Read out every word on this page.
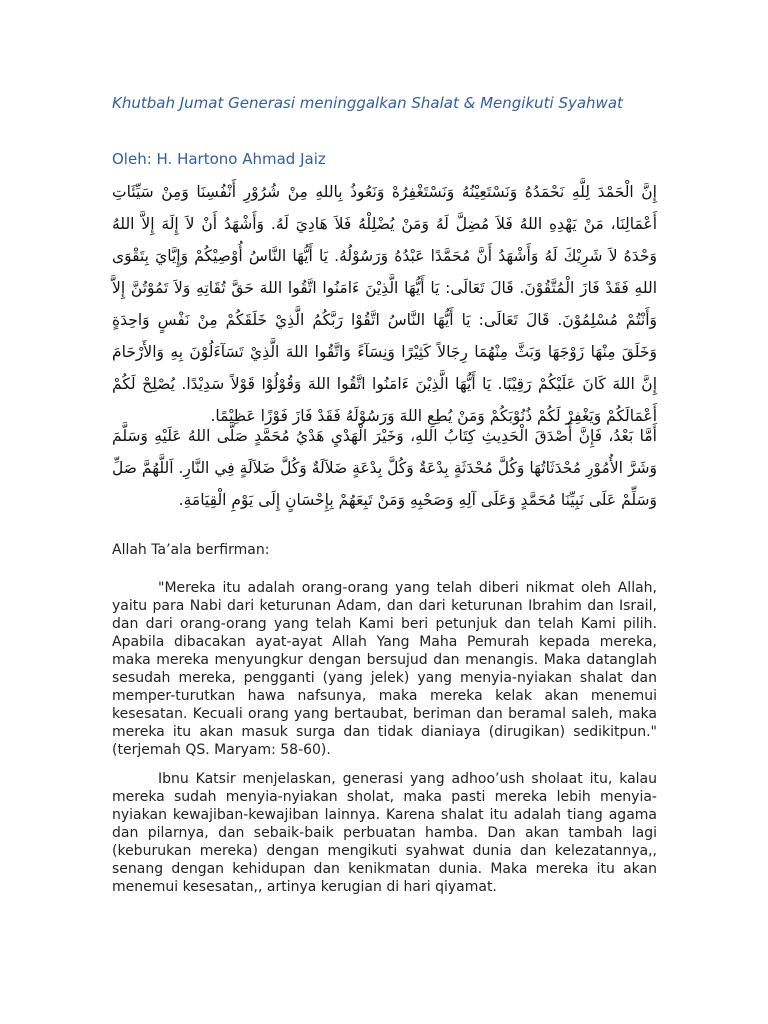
Khutbah Jumat Generasi meninggalkan Shalat & Mengikuti Syahwat

Oleh: H. Hartono Ahmad Jaiz

إِنَّ الْحَمْدَ لِلَّهِ نَحْمَدُهُ وَنَسْتَعِيْنُهُ وَنَسْتَغْفِرُهْ وَنَعُوذُ بِاللهِ مِنْ شُرُوْرِ أَنْفُسِنَا وَمِنْ سَيِّئَاتِ أَعْمَالِنَا، مَنْ يَهْدِهِ اللهُ فَلاَ مُضِلَّ لَهُ وَمَنْ يُضْلِلْهُ فَلاَ هَادِيَ لَهُ. وَأَشْهَدُ أَنْ لاَ إِلَهَ إِلاَّ اللهُ وَحْدَهُ لاَ شَرِيْكَ لَهُ وَأَشْهَدُ أَنَّ مُحَمَّدًا عَبْدُهُ وَرَسُوْلُهُ. يَا أَيُّهَا النَّاسُ أُوْصِيْكُمْ وَإِيَّايَ بِتَقْوَى اللهِ فَقَدْ فَازَ الْمُتَّقُوْنَ. قَالَ تَعَالَى: يَا أَيُّهَا الَّذِيْنَ ءَامَنُوا اتَّقُوا اللهَ حَقَّ تُقَاتِهِ وَلاَ تَمُوْتُنَّ إِلاَّ وَأَنْتُمْ مُسْلِمُوْنَ. قَالَ تَعَالَى: يَا أَيُّهَا النَّاسُ اتَّقُوْا رَبَّكُمُ الَّذِيْ خَلَقَكُمْ مِنْ نَفْسٍ وَاحِدَةٍ وَخَلَقَ مِنْهَا زَوْجَهَا وَبَثَّ مِنْهُمَا رِجَالاً كَثِيْرًا وَنِسَآءً وَاتَّقُوا اللهَ الَّذِيْ تَسَآءَلُوْنَ بِهِ وَالأَرْحَامَ إِنَّ اللهَ كَانَ عَلَيْكُمْ رَقِيْبًا. يَا أَيُّهَا الَّذِيْنَ ءَامَنُوا اتَّقُوا اللهَ وَقُوْلُوْا قَوْلاً سَدِيْدًا. يُصْلِحْ لَكُمْ أَعْمَالَكُمْ وَيَغْفِرْ لَكُمْ ذُنُوْبَكُمْ وَمَنْ يُطِعِ اللهَ وَرَسُوْلَهُ فَقَدْ فَازَ فَوْزًا عَظِيْمًا.

أَمَّا بَعْدُ، فَإِنَّ أَصْدَقَ الْحَدِيثِ كِتَابُ اللهِ، وَخَيْرَ الْهَدْيِ هَدْيُ مُحَمَّدٍ صَلَّى اللهُ عَلَيْهِ وَسَلَّمَ وَشَرَّ الأُمُوْرِ مُحْدَثَاتُهَا وَكُلَّ مُحْدَثَةٍ بِدْعَةٌ وَكُلَّ بِدْعَةٍ ضَلاَلَةٌ وَكُلَّ ضَلاَلَةٍ فِي النَّارِ. اَللَّهُمَّ صَلِّ وَسَلِّمْ عَلَى نَبِيِّنَا مُحَمَّدٍ وَعَلَى آلِهِ وَصَحْبِهِ وَمَنْ تَبِعَهُمْ بِإِحْسَانٍ إِلَى يَوْمِ الْقِيَامَةِ.

Allah Ta’ala berfirman:

"Mereka itu adalah orang-orang yang telah diberi nikmat oleh Allah, yaitu para Nabi dari keturunan Adam, dan dari keturunan Ibrahim dan Israil, dan dari orang-orang yang telah Kami beri petunjuk dan telah Kami pilih. Apabila dibacakan ayat-ayat Allah Yang Maha Pemurah kepada mereka, maka mereka menyungkur dengan bersujud dan menangis. Maka datanglah sesudah mereka, pengganti (yang jelek) yang menyia-nyiakan shalat dan memper-turutkan hawa nafsunya, maka mereka kelak akan menemui kesesatan. Kecuali orang yang bertaubat, beriman dan beramal saleh, maka mereka itu akan masuk surga dan tidak dianiaya (dirugikan) sedikitpun." (terjemah QS. Maryam: 58-60).

Ibnu Katsir menjelaskan, generasi yang adhoo’ush sholaat itu, kalau mereka sudah menyia-nyiakan sholat, maka pasti mereka lebih menyia-nyiakan kewajiban-kewajiban lainnya. Karena shalat itu adalah tiang agama dan pilarnya, dan sebaik-baik perbuatan hamba. Dan akan tambah lagi (keburukan mereka) dengan mengikuti syahwat dunia dan kelezatannya,, senang dengan kehidupan dan kenikmatan dunia. Maka mereka itu akan menemui kesesatan,, artinya kerugian di hari qiyamat.
